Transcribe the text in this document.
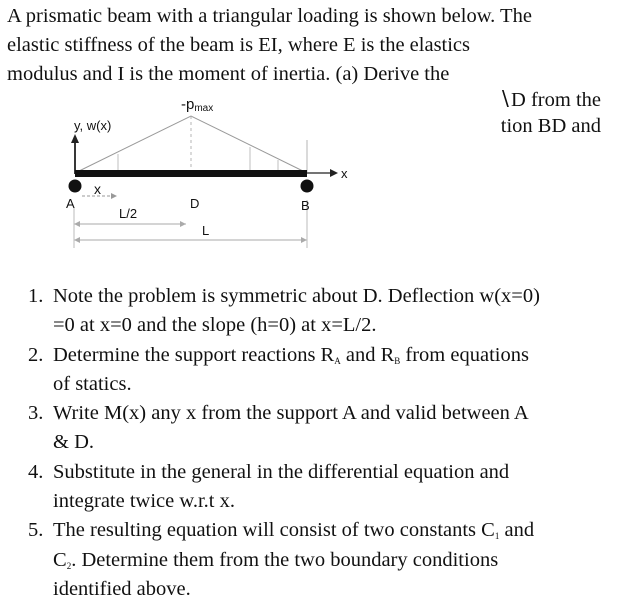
A prismatic beam with a triangular loading is shown below. The
elastic stiffness of the beam is EI, where E is the elastics
modulus and I is the moment of inertia. (a) Derive the
∖D from the
tion BD and
-pmax
y, w(x)
x
x
A	D	B
L/2
L
1. Note the problem is symmetric about D. Deflection w(x=0)
=0 at x=0 and the slope (h=0) at x=L/2.
2. Determine the support reactions $R_A$ and $R_B$ from equations
of statics.
3. Write M(x) any x from the support A and valid between A
& D.
4. Substitute in the general in the differential equation and
integrate twice w.r.t x.
5. The resulting equation will consist of two constants $C_1$ and
$C_2$. Determine them from the two boundary conditions
identified above.
